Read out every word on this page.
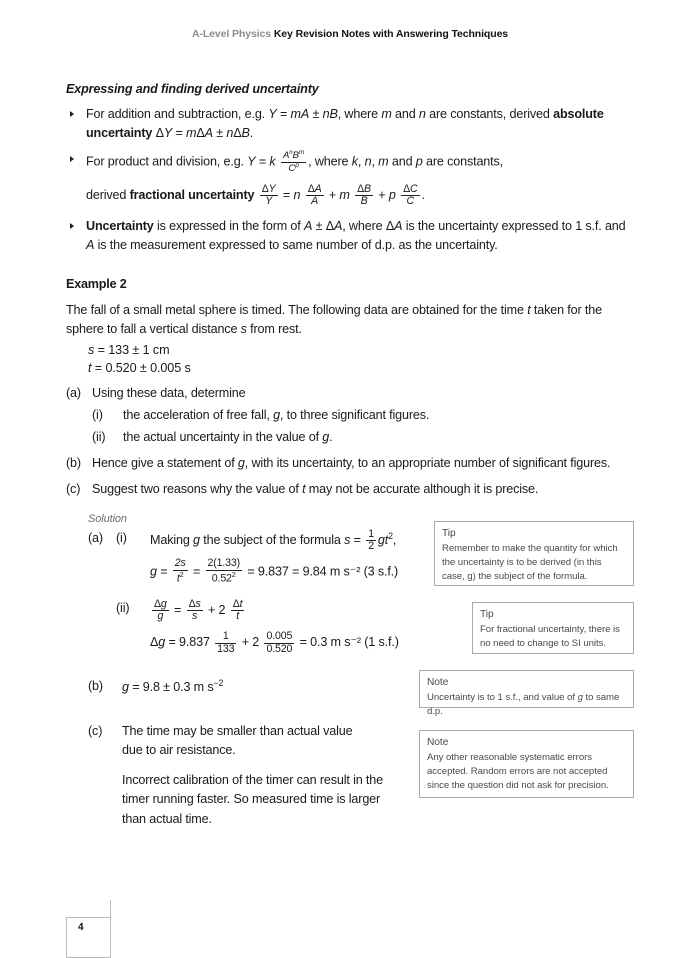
A-Level Physics Key Revision Notes with Answering Techniques
Expressing and finding derived uncertainty
For addition and subtraction, e.g. Y = mA ± nB, where m and n are constants, derived absolute uncertainty ΔY = mΔA ± nΔB.
For product and division, e.g. Y = k $\frac{A^nB^m}{C^p}$ , where k, n, m and p are constants,
derived fractional uncertainty $\frac{\Delta Y}{Y} = n \frac{\Delta A}{A} + m \frac{\Delta B}{B} + p \frac{\Delta C}{C}$ .
Uncertainty is expressed in the form of A ± ΔA, where ΔA is the uncertainty expressed to 1 s.f. and A is the measurement expressed to same number of d.p. as the uncertainty.
Example 2
The fall of a small metal sphere is timed. The following data are obtained for the time t taken for the sphere to fall a vertical distance s from rest.
s = 133 ± 1 cm
t = 0.520 ± 0.005 s
(a) Using these data, determine
(i) the acceleration of free fall, g, to three significant figures.
(ii) the actual uncertainty in the value of g.
(b) Hence give a statement of g, with its uncertainty, to an appropriate number of significant figures.
(c) Suggest two reasons why the value of t may not be accurate although it is precise.
Solution
(a) (i) Making g the subject of the formula $s = \frac{1}{2} gt^2$,
$g = \frac{2s}{t^2} = \frac{2(1.33)}{0.52^2} = 9.837 = 9.84$ m s⁻² (3 s.f.)
$(ii) \frac{\Delta g}{g} = \frac{\Delta s}{s} + 2 \frac{\Delta t}{t}$
$\Delta g = 9.837 \frac{1}{133} + 2 \frac{0.005}{0.520} = 0.3$ m s⁻² (1 s.f.)
(b) g = 9.8 ± 0.3 m $s^{-2}$
(c) The time may be smaller than actual value due to air resistance.
Incorrect calibration of the timer can result in the timer running faster. So measured time is larger than actual time.
Tip
Remember to make the quantity for which the uncertainty is to be derived (in this case, g) the subject of the formula.
Tip
For fractional uncertainty, there is no need to change to SI units.
Note
Uncertainty is to 1 s.f., and value of g to same d.p.
Note
Any other reasonable systematic errors accepted. Random errors are not accepted since the question did not ask for precision.
4
